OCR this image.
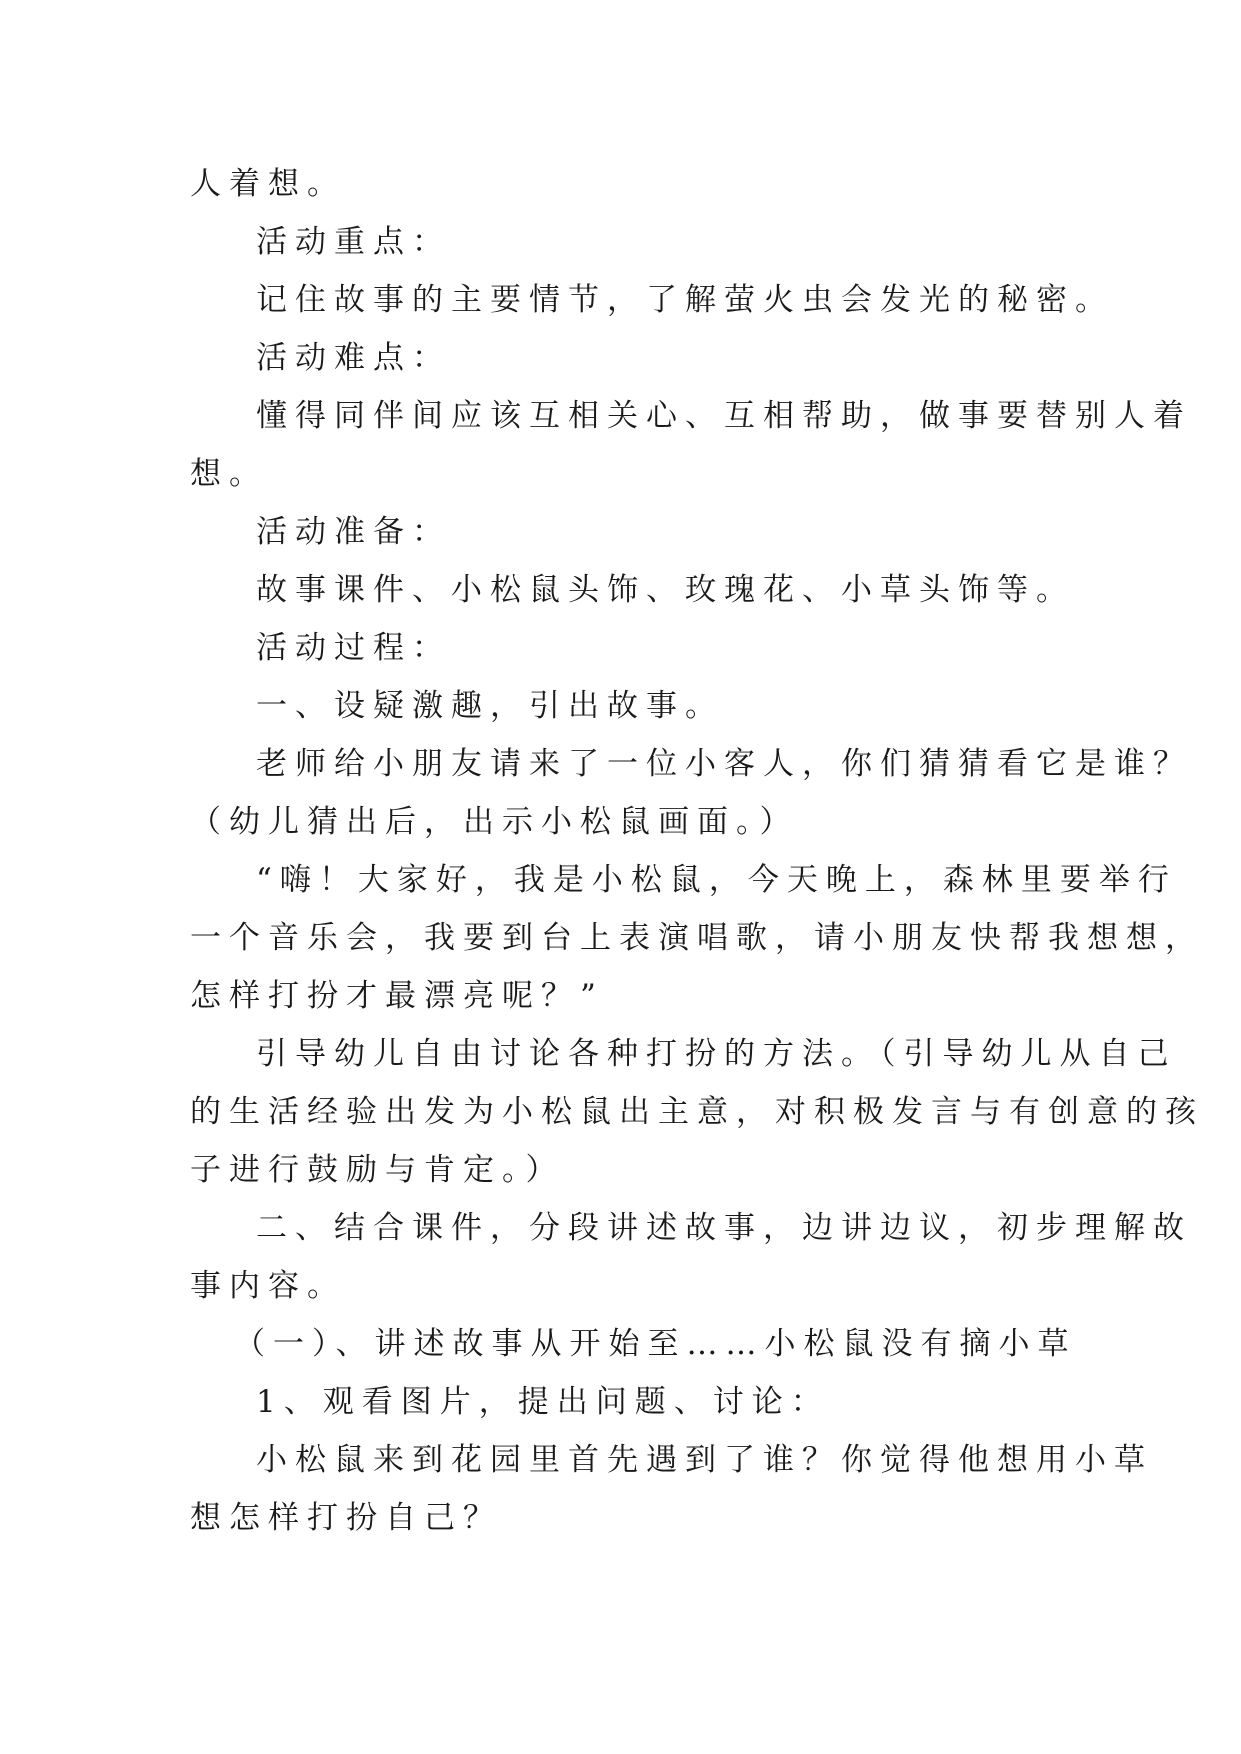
人着想。
活动重点：
记住故事的主要情节，了解萤火虫会发光的秘密。
活动难点：
懂得同伴间应该互相关心、互相帮助，做事要替别人着
想。
活动准备：
故事课件、小松鼠头饰、玫瑰花、小草头饰等。
活动过程：
一、设疑激趣，引出故事。
老师给小朋友请来了一位小客人，你们猜猜看它是谁？
（幼儿猜出后，出示小松鼠画面。）
“嗨！大家好，我是小松鼠，今天晚上，森林里要举行
一个音乐会，我要到台上表演唱歌，请小朋友快帮我想想，
怎样打扮才最漂亮呢？”
引导幼儿自由讨论各种打扮的方法。（引导幼儿从自己
的生活经验出发为小松鼠出主意，对积极发言与有创意的孩
子进行鼓励与肯定。）
二、结合课件，分段讲述故事，边讲边议，初步理解故
事内容。
（一）、讲述故事从开始至……小松鼠没有摘小草
1、观看图片，提出问题、讨论：
小松鼠来到花园里首先遇到了谁？你觉得他想用小草
想怎样打扮自己？
